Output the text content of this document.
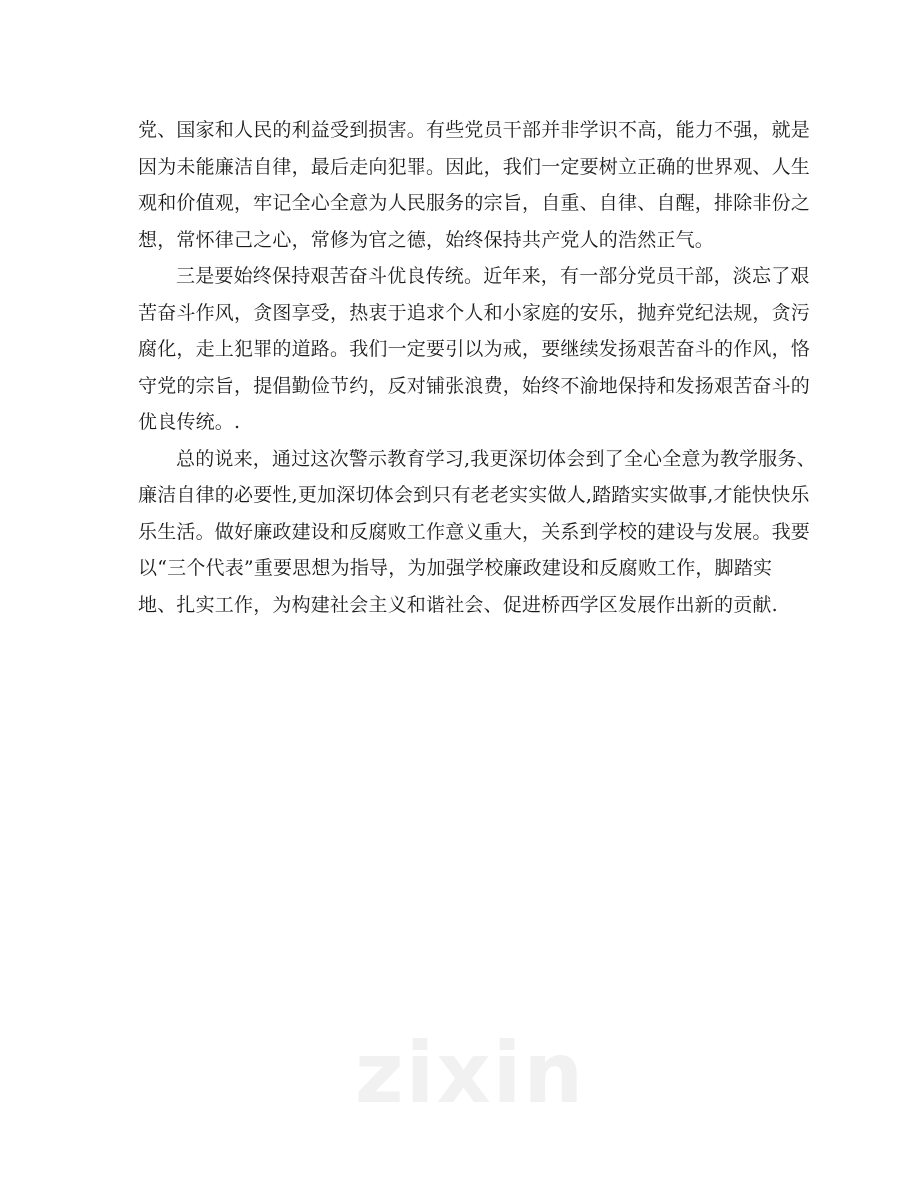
党、国家和人民的利益受到损害。有些党员干部并非学识不高，能力不强，就是
因为未能廉洁自律，最后走向犯罪。因此，我们一定要树立正确的世界观、人生
观和价值观，牢记全心全意为人民服务的宗旨，自重、自律、自醒，排除非份之
想，常怀律己之心，常修为官之德，始终保持共产党人的浩然正气。

三是要始终保持艰苦奋斗优良传统。近年来，有一部分党员干部，淡忘了艰
苦奋斗作风，贪图享受，热衷于追求个人和小家庭的安乐，抛弃党纪法规，贪污
腐化，走上犯罪的道路。我们一定要引以为戒，要继续发扬艰苦奋斗的作风，恪
守党的宗旨，提倡勤俭节约，反对铺张浪费，始终不渝地保持和发扬艰苦奋斗的
优良传统。.

总的说来，通过这次警示教育学习,我更深切体会到了全心全意为教学服务、
廉洁自律的必要性,更加深切体会到只有老老实实做人,踏踏实实做事,才能快快乐
乐生活。做好廉政建设和反腐败工作意义重大，关系到学校的建设与发展。我要
以“三个代表”重要思想为指导，为加强学校廉政建设和反腐败工作，脚踏实
地、扎实工作，为构建社会主义和谐社会、促进桥西学区发展作出新的贡献.

zixin
